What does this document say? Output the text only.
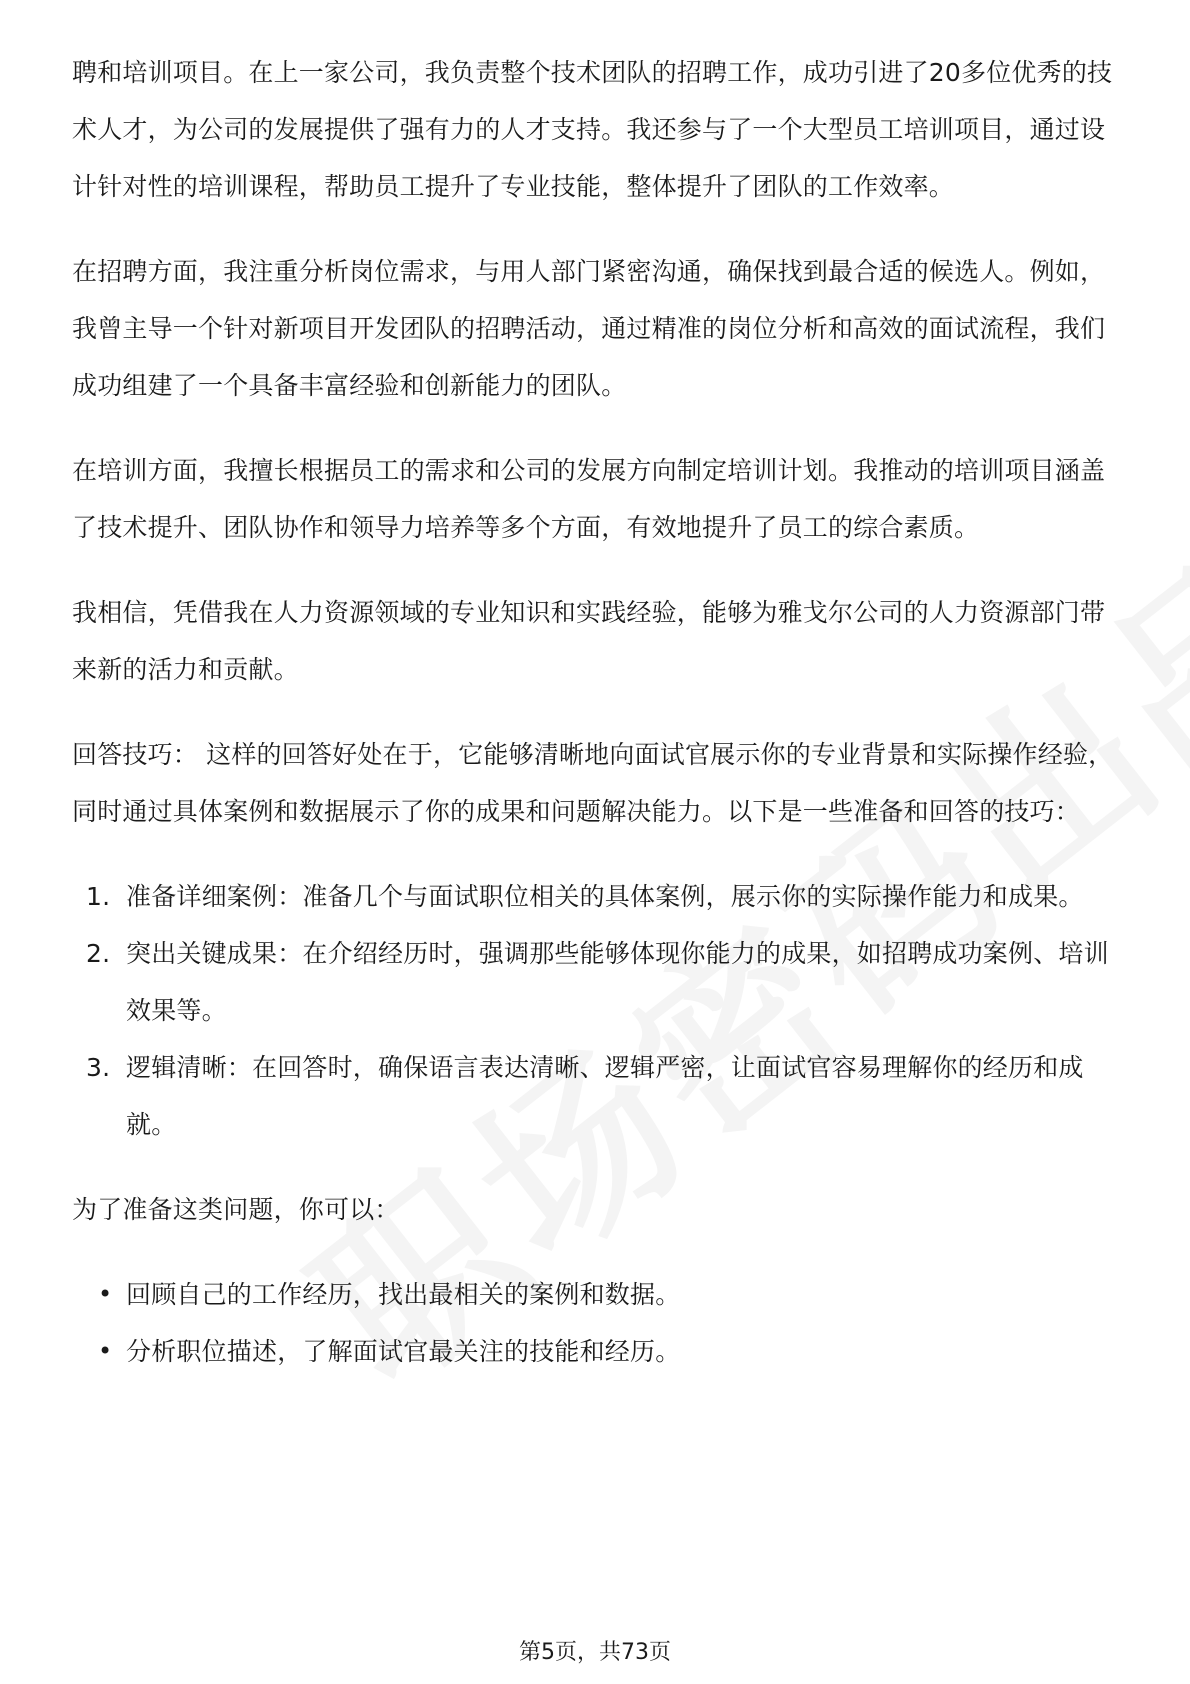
聘和培训项目。在上一家公司，我负责整个技术团队的招聘工作，成功引进了20多位优秀的技术人才，为公司的发展提供了强有力的人才支持。我还参与了一个大型员工培训项目，通过设计针对性的培训课程，帮助员工提升了专业技能，整体提升了团队的工作效率。

在招聘方面，我注重分析岗位需求，与用人部门紧密沟通，确保找到最合适的候选人。例如，我曾主导一个针对新项目开发团队的招聘活动，通过精准的岗位分析和高效的面试流程，我们成功组建了一个具备丰富经验和创新能力的团队。

在培训方面，我擅长根据员工的需求和公司的发展方向制定培训计划。我推动的培训项目涵盖了技术提升、团队协作和领导力培养等多个方面，有效地提升了员工的综合素质。

我相信，凭借我在人力资源领域的专业知识和实践经验，能够为雅戈尔公司的人力资源部门带来新的活力和贡献。

回答技巧： 这样的回答好处在于，它能够清晰地向面试官展示你的专业背景和实际操作经验，同时通过具体案例和数据展示了你的成果和问题解决能力。以下是一些准备和回答的技巧：

1. 准备详细案例：准备几个与面试职位相关的具体案例，展示你的实际操作能力和成果。
2. 突出关键成果：在介绍经历时，强调那些能够体现你能力的成果，如招聘成功案例、培训效果等。
3. 逻辑清晰：在回答时，确保语言表达清晰、逻辑严密，让面试官容易理解你的经历和成就。

为了准备这类问题，你可以：

• 回顾自己的工作经历，找出最相关的案例和数据。
• 分析职位描述，了解面试官最关注的技能和经历。
第5页，共73页
